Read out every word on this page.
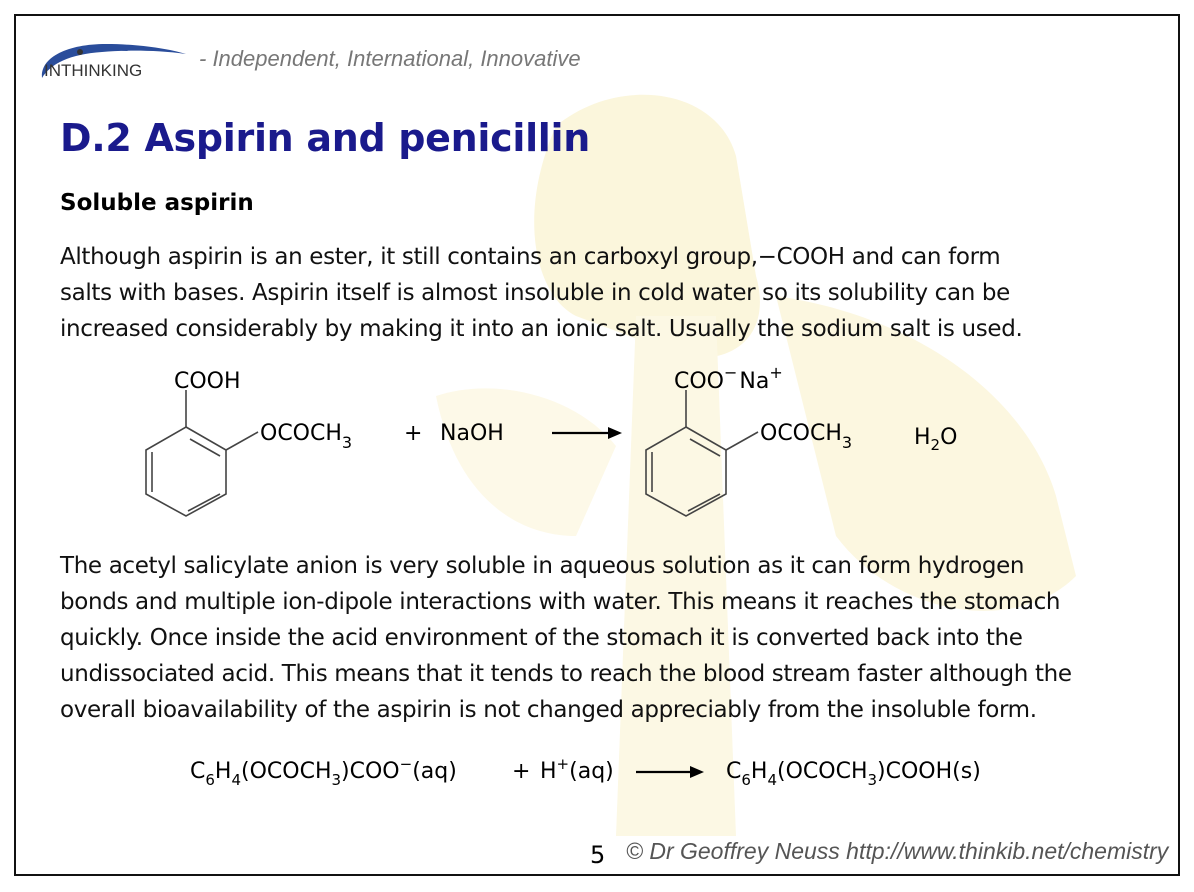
INTHINKING	- Independent, International, Innovative
D.2 Aspirin and penicillin
Soluble aspirin
Although aspirin is an ester, it still contains an carboxyl group,−COOH and can form
salts with bases. Aspirin itself is almost insoluble in cold water so its solubility can be
increased considerably by making it into an ionic salt. Usually the sodium salt is used.
COOH
$OCOCH_3$ + NaOH
COO−Na+
$OCOCH_3$	$H_2O$
The acetyl salicylate anion is very soluble in aqueous solution as it can form hydrogen
bonds and multiple ion-dipole interactions with water. This means it reaches the stomach
quickly. Once inside the acid environment of the stomach it is converted back into the
undissociated acid. This means that it tends to reach the blood stream faster although the
overall bioavailability of the aspirin is not changed appreciably from the insoluble form.
$C_6H_4(OCOCH_3)COO^-(aq)$	+ H+(aq)	$C_6H_4(OCOCH_3)COOH(s)$
5 © Dr Geoffrey Neuss http://www.thinkib.net/chemistry
